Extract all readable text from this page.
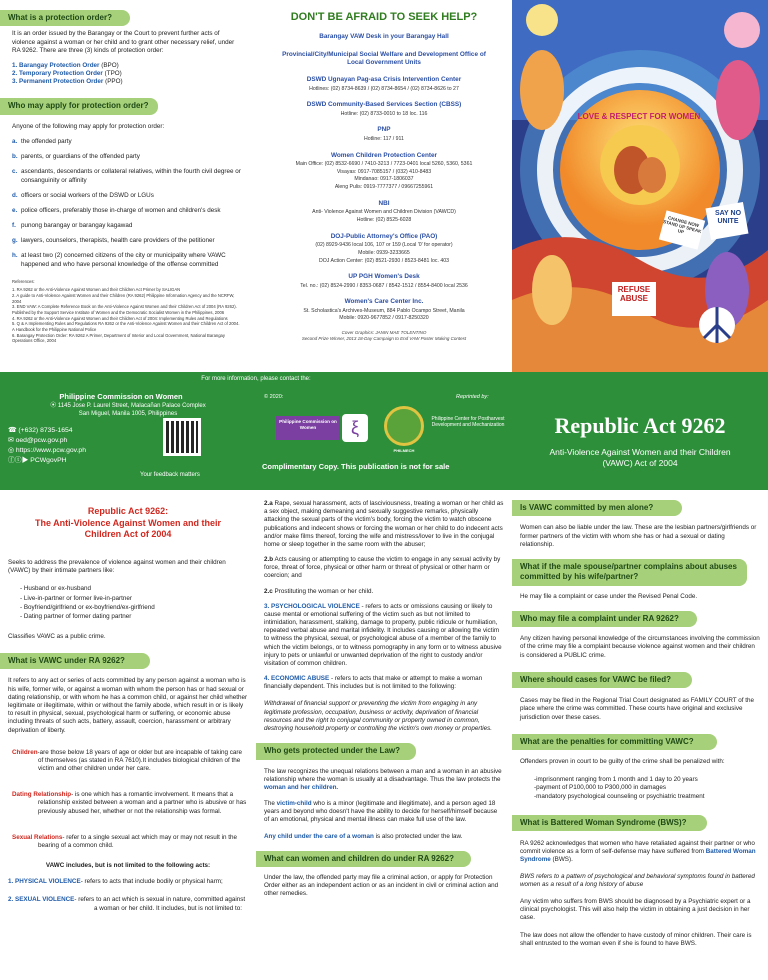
What is a protection order?

It is an order issued by the Barangay or the Court to prevent further acts of violence against a woman or her child and to grant other necessary relief, under RA 9262. There are three (3) kinds of protection order:

1. Barangay Protection Order (BPO)

2. Temporary Protection Order (TPO)

3. Permanent Protection Order (PPO)

Who may apply for protection order?

Anyone of the following may apply for protection order:

a. the offended party
b. parents, or guardians of the offended party
c. ascendants, descendants or collateral relatives, within the fourth civil degree or consanguinity or affinity
d. officers or social workers of the DSWD or LGUs
e. police officers, preferably those in-charge of women and children's desk
f. punong barangay or barangay kagawad
g. lawyers, counselors, therapists, health care providers of the petitioner
h. at least two (2) concerned citizens of the city or municipality where VAWC happened and who have personal knowledge of the offense committed

References:

1. RA 9262 or the Anti-Violence Against Women and their Children Act Primer by SALIGAN

2. A guide to Anti-Violence Against Women and their Children (RA 9262) Philippine Information Agency and the NCRFW, 2004

3. END VAW: A Complete Reference Book on the Anti-Violence Against Women and their Children Act of 2004 (RA 9262). Published by the Support Service Institute of Women and the Democratic Socialist Women in the Philippines, 2006

4. RA 9262 or the Anti-Violence Against Women and their Children Act of 2004: Implementing Rules and Regulations

5. Q & A Implementing Rules and Regulations RA 9262 or the Anti-Violence Against Women and their Children Act of 2004. A Handbook for the Philippine National Police

6. Barangay Protection Order: RA 9262 A Primer, Department of Interior and Local Government, National Barangay Operations Office, 2004

DON'T BE AFRAID TO SEEK HELP?

Barangay VAW Desk in your Barangay Hall

Provincial/City/Municipal Social Welfare and Development Office of Local Government Units

DSWD Ugnayan Pag-asa Crisis Intervention Center

Hotlines: (02) 8734-8639 / (02) 8734-8654 / (02) 8734-8626 to 27

DSWD Community-Based Services Section (CBSS)

Hotline: (02) 8733-0010 to 18 loc. 116

PNP

Hotline: 117 / 911

Women Children Protection Center

Main Office: (02) 8532-6690 / 7410-3213 / 7723-0401 local 5260, 5360, 5361

Visayas: 0917-7085157 / (032) 410-8483

Mindanao: 0917-1806037

Aleng Pulis: 0919-7777377 / 09667255961

NBI

Anti- Violence Against Women and Children Division (VAWCD)

Hotline: (02) 8525-6028

DOJ-Public Attorney's Office (PAO)

(02) 8929-9436 local 106, 107 or 159 (Local '0' for operator)

Mobile: 0939-3233665

DOJ Action Center: (02) 8521-2930 / 8523-8481 loc. 403

UP PGH Women's Desk

Tel. no.: (02) 8524-2990 / 8353-0687 / 8542-1512 / 8554-8400 local 2536

Women's Care Center Inc.

St. Scholastica's Archives-Museum, 884 Pablo Ocampo Street, Manila

Mobile: 0920-9677852 / 0917-8250320

Cover Graphics: JANIN MAE TOLENTINO

Second Prize Winner, 2013 18-Day Campaign to End VAW Poster Making Contest

LOVE & RESPECT FOR WOMEN

SAY NO

UNITE

REFUSE

ABUSE

CHANGE NOW STAND UP SPEAK UP
For more information, please contact the:

Philippine Commission on Women

⦿ 1145 Jose P. Laurel Street, Malacañan Palace Complex
San Miguel, Manila 1005, Philippines

☎ (+632) 8735-1654

✉ oed@pcw.gov.ph

◎ https://www.pcw.gov.ph

ⓕⓣ▶ PCWgovPH

Your feedback matters

© 2020:	Reprinted by:

Philippine Commission on Women	ξ

PHILMECH

Philippine Center for Postharvest Development and Mechanization

Complimentary Copy. This publication is not for sale

Republic Act 9262

Anti-Violence Against Women and their Children (VAWC) Act of 2004

Republic Act 9262:

The Anti-Violence Against Women and their Children Act of 2004

Seeks to address the prevalence of violence against women and their children (VAWC) by their intimate partners like:

- Husband or ex-husband
- Live-in-partner or former live-in-partner
- Boyfriend/girlfriend or ex-boyfriend/ex-girlfriend
- Dating partner of former dating partner

Classifies VAWC as a public crime.

What is VAWC under RA 9262?

It refers to any act or series of acts committed by any person against a woman who is his wife, former wife, or against a woman with whom the person has or had sexual or dating relationship, or with whom he has a common child, or against her child whether legitimate or illegitimate, within or without the family abode, which result in or is likely to result in physical, sexual, psychological harm or suffering, or economic abuse including threats of such acts, battery, assault, coercion, harassment or arbitrary deprivation of liberty.

Children-are those below 18 years of age or older but are incapable of taking care of themselves (as stated in RA 7610).It includes biological children of the victim and other children under her care.

Dating Relationship- is one which has a romantic involvement. It means that a relationship existed between a woman and a partner who is abusive or has previously abused her, whether or not the relationship was formal.

Sexual Relations- refer to a single sexual act which may or may not result in the bearing of a common child.

VAWC includes, but is not limited to the following acts:

1. PHYSICAL VIOLENCE- refers to acts that include bodily or physical harm;

2. SEXUAL VIOLENCE- refers to an act which is sexual in nature, committed against a woman or her child. It includes, but is not limited to:

2.a Rape, sexual harassment, acts of lasciviousness, treating a woman or her child as a sex object, making demeaning and sexually suggestive remarks, physically attacking the sexual parts of the victim's body, forcing the victim to watch obscene publications and indecent shows or forcing the woman or her child to do indecent acts and/or make films thereof, forcing the wife and mistress/lover to live in the conjugal home or sleep together in the same room with the abuser;

2.b Acts causing or attempting to cause the victim to engage in any sexual activity by force, threat of force, physical or other harm or threat of physical or other harm or coercion; and

2.c Prostituting the woman or her child.

3. PSYCHOLOGICAL VIOLENCE - refers to acts or omissions causing or likely to cause mental or emotional suffering of the victim such as but not limited to intimidation, harassment, stalking, damage to property, public ridicule or humiliation, repeated verbal abuse and marital infidelity. It includes causing or allowing the victim to witness the physical, sexual, or psychological abuse of a member of the family to which the victim belongs, or to witness pornography in any form or to witness abusive injury to pets or unlawful or unwanted deprivation of the right to custody and/or visitation of common children.

4. ECONOMIC ABUSE - refers to acts that make or attempt to make a woman financially dependent. This includes but is not limited to the following:

Withdrawal of financial support or preventing the victim from engaging in any legitimate profession, occupation, business or activity, deprivation of financial resources and the right to conjugal community or property owned in common, destroying household property or controlling the victim's own money or properties.

Who gets protected under the Law?

The law recognizes the unequal relations between a man and a woman in an abusive relationship where the woman is usually at a disadvantage. Thus the law protects the woman and her children.

The victim-child who is a minor (legitimate and illegitimate), and a person aged 18 years and beyond who doesn't have the ability to decide for herself/himself because of an emotional, physical and mental illness can make full use of the law.

Any child under the care of a woman is also protected under the law.

What can women and children do under RA 9262?

Under the law, the offended party may file a criminal action, or apply for Protection Order either as an independent action or as an incident in civil or criminal action and other remedies.

Is VAWC committed by men alone?

Women can also be liable under the law. These are the lesbian partners/girlfriends or former partners of the victim with whom she has or had a sexual or dating relationship.

What if the male spouse/partner complains about abuses committed by his wife/partner?

He may file a complaint or case under the Revised Penal Code.

Who may file a complaint under RA 9262?

Any citizen having personal knowledge of the circumstances involving the commission of the crime may file a complaint because violence against women and their children is considered a PUBLIC crime.

Where should cases for VAWC be filed?

Cases may be filed in the Regional Trial Court designated as FAMILY COURT of the place where the crime was committed. These courts have original and exclusive jurisdiction over these cases.

What are the penalties for committing VAWC?

Offenders proven in court to be guilty of the crime shall be penalized with:

-imprisonment ranging from 1 month and 1 day to 20 years
-payment of P100,000 to P300,000 in damages
-mandatory psychological counseling or psychiatric treatment
What is Battered Woman Syndrome (BWS)?

RA 9262 acknowledges that women who have retaliated against their partner or who commit violence as a form of self-defense may have suffered from Battered Woman Syndrome (BWS).

BWS refers to a pattern of psychological and behavioral symptoms found in battered women as a result of a long history of abuse

Any victim who suffers from BWS should be diagnosed by a Psychiatric expert or a clinical psychologist. This will also help the victim in obtaining a just decision in her case.

The law does not allow the offender to have custody of minor children. Their care is shall entrusted to the woman even if she is found to have BWS.
